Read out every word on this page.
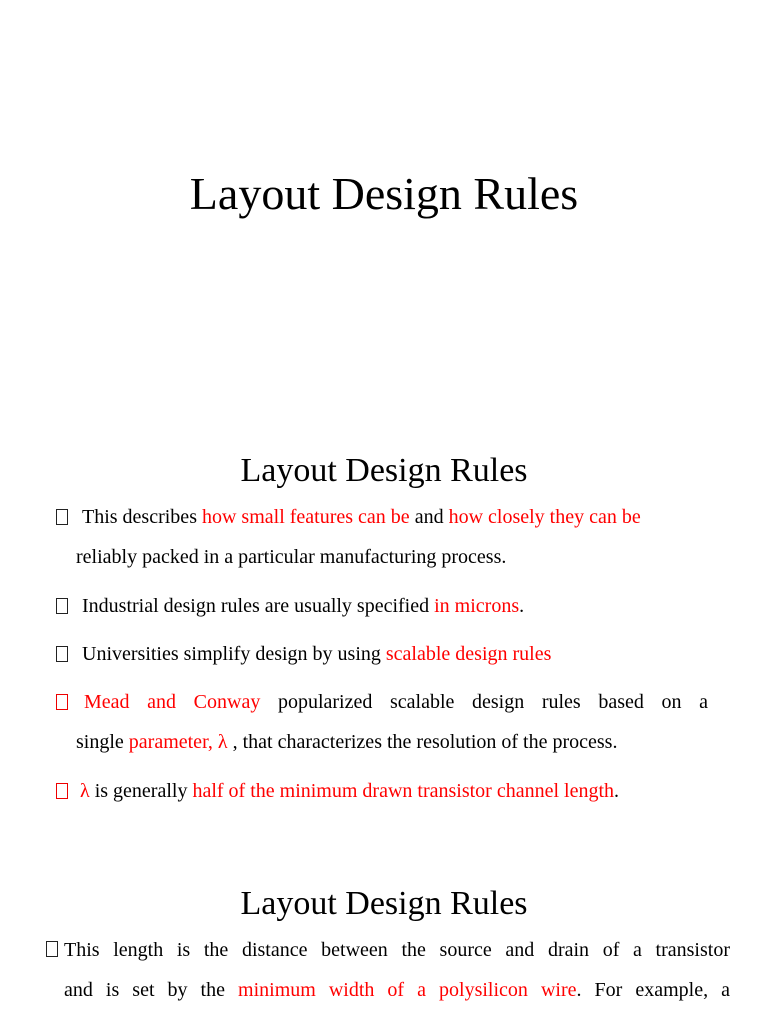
Layout Design Rules
Layout Design Rules
This describes how small features can be and how closely they can be
reliably packed in a particular manufacturing process.
Industrial design rules are usually specified in microns.
Universities simplify design by using scalable design rules
Mead and Conway popularized scalable design rules based on a
single parameter, λ , that characterizes the resolution of the process.
λ is generally half of the minimum drawn transistor channel length.
Layout Design Rules
This length is the distance between the source and drain of a transistor
and is set by the minimum width of a polysilicon wire. For example, a
